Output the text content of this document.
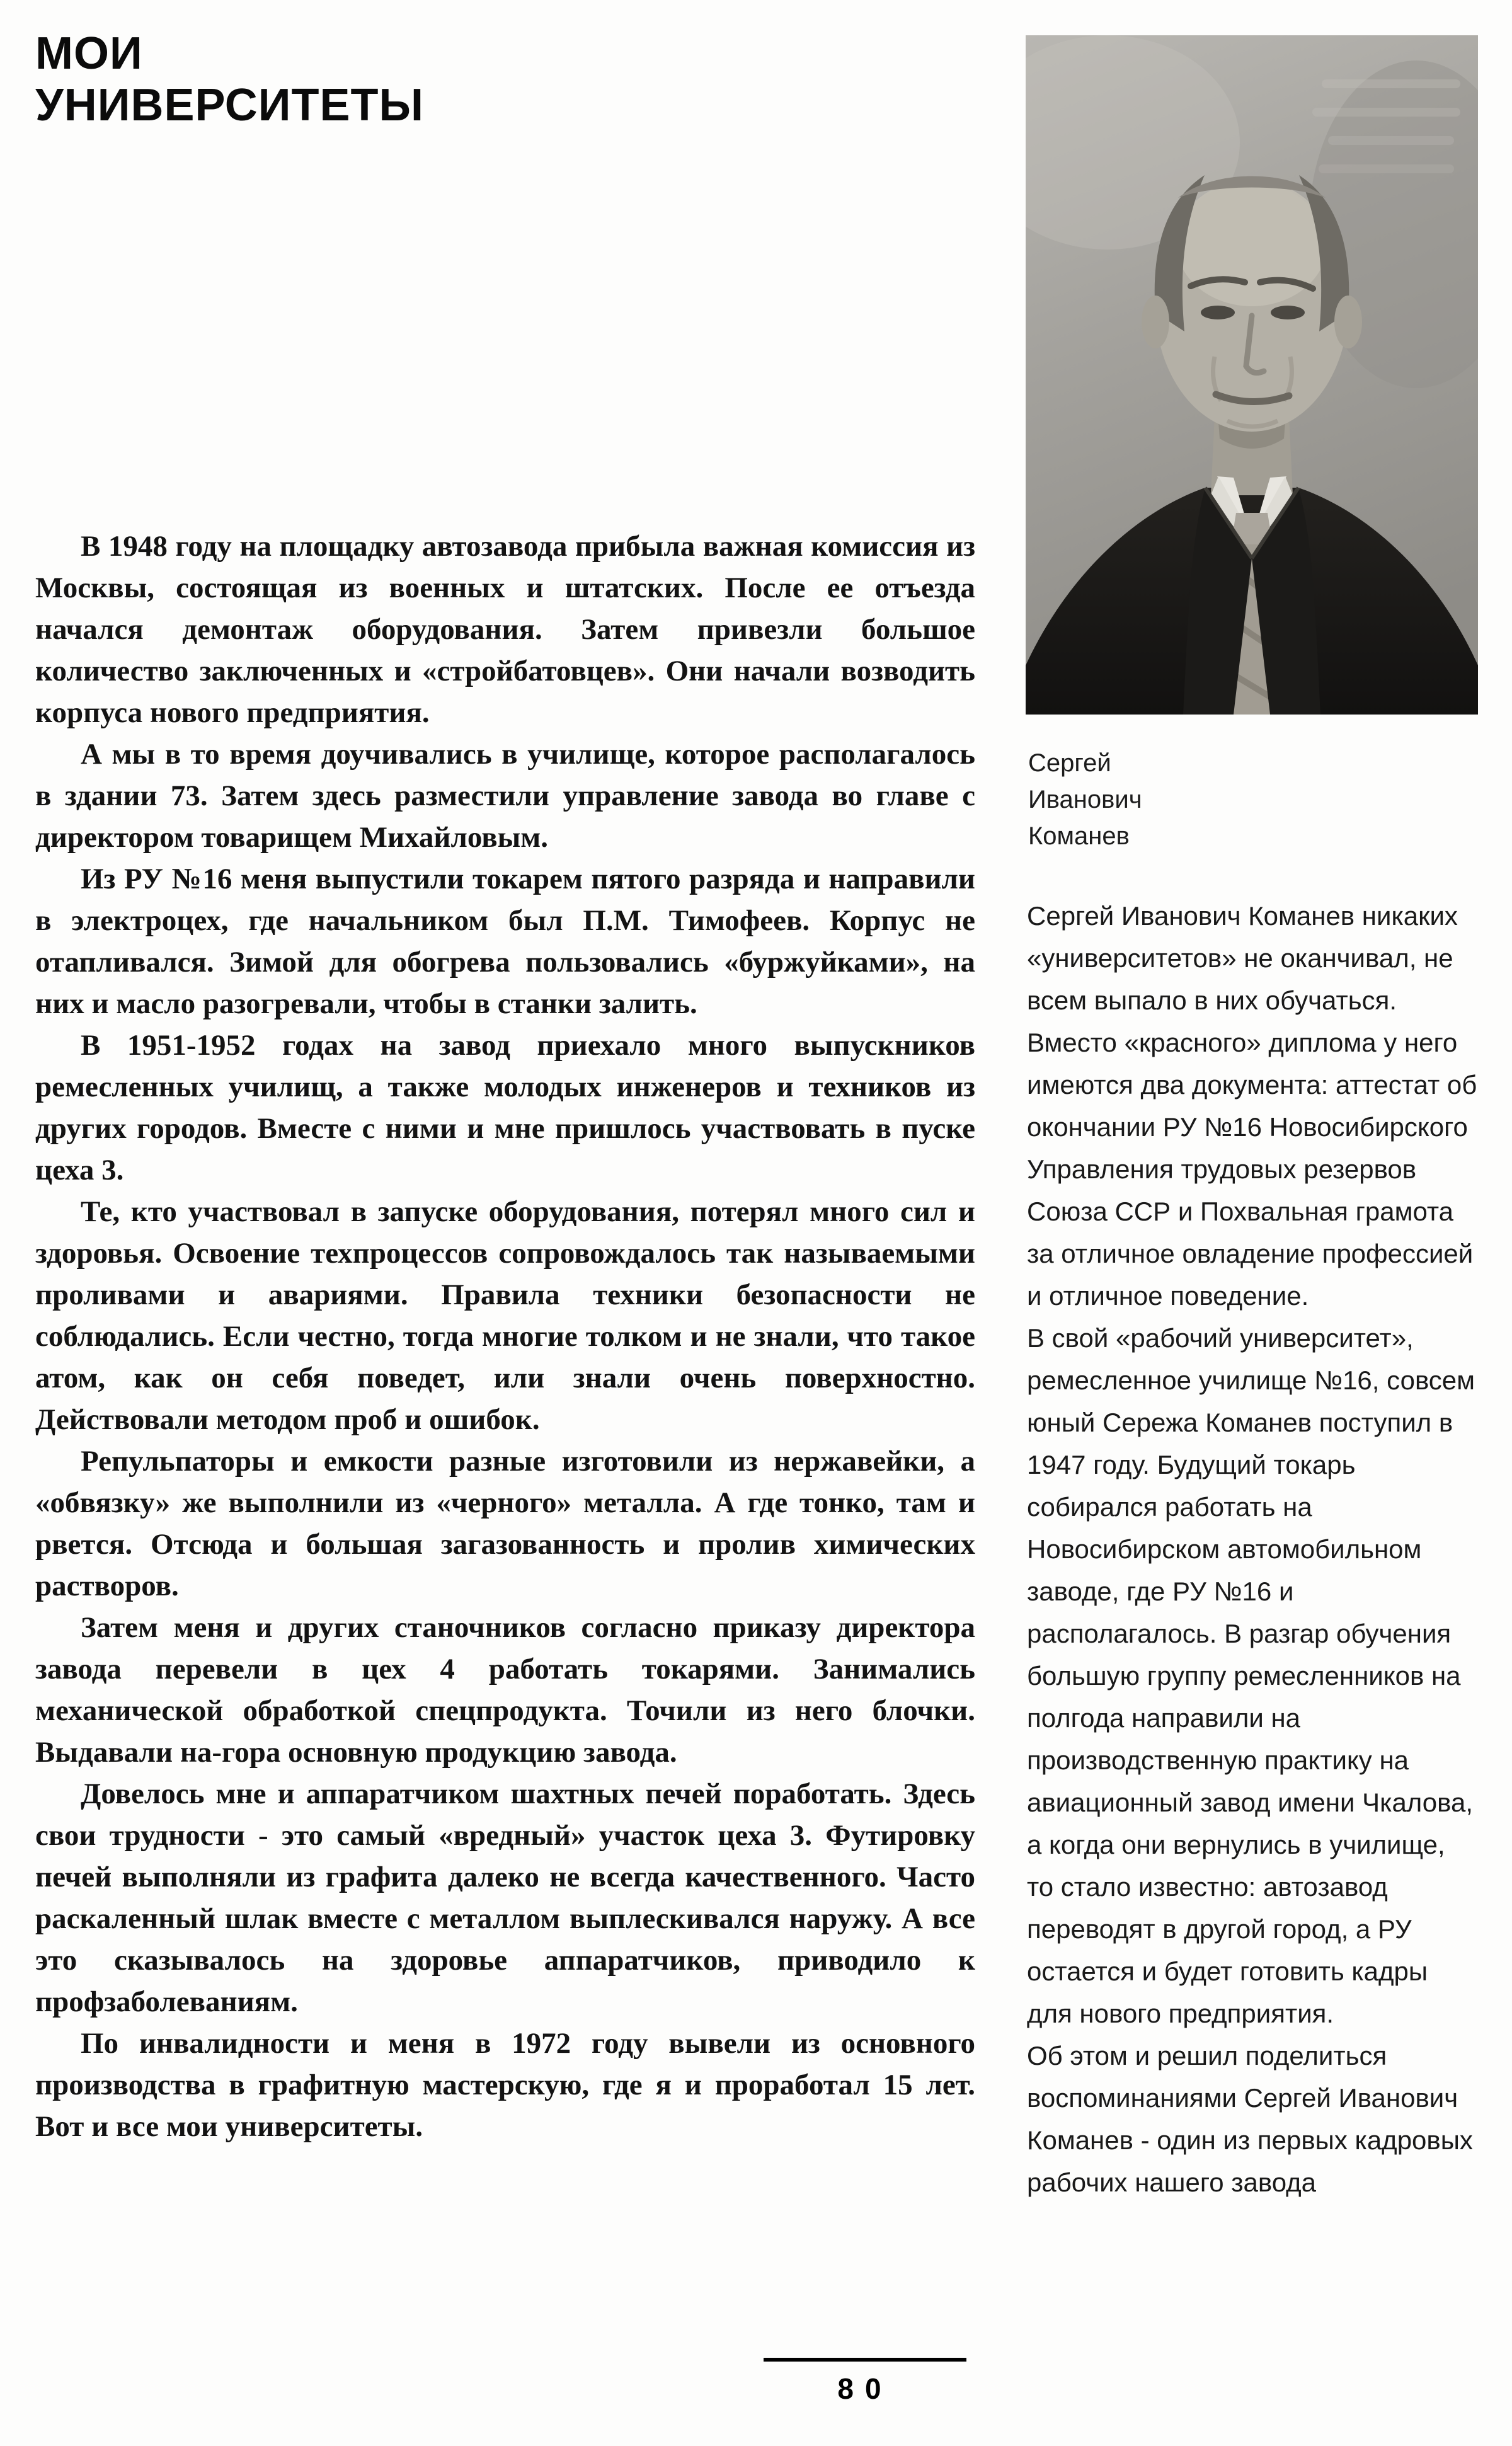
МОИ
УНИВЕРСИТЕТЫ
Сергей
Иванович
Команев

В 1948 году на площадку автозавода прибыла важная комиссия из Москвы, состоящая из военных и штатских. После ее отъезда начался демонтаж оборудования. Затем привезли большое количество заключенных и «стройбатовцев». Они начали возводить корпуса нового предприятия.

А мы в то время доучивались в училище, которое располагалось в здании 73. Затем здесь разместили управление завода во главе с директором товарищем Михайловым.

Из РУ №16 меня выпустили токарем пятого разряда и направили в электроцех, где начальником был П.М. Тимофеев. Корпус не отапливался. Зимой для обогрева пользовались «буржуйками», на них и масло разогревали, чтобы в станки залить.

В 1951-1952 годах на завод приехало много выпускников ремесленных училищ, а также молодых инженеров и техников из других городов. Вместе с ними и мне пришлось участвовать в пуске цеха 3.

Те, кто участвовал в запуске оборудования, потерял много сил и здоровья. Освоение техпроцессов сопровождалось так называемыми проливами и авариями. Правила техники безопасности не соблюдались. Если честно, тогда многие толком и не знали, что такое атом, как он себя поведет, или знали очень поверхностно. Действовали методом проб и ошибок.

Репульпаторы и емкости разные изготовили из нержавейки, а «обвязку» же выполнили из «черного» металла. А где тонко, там и рвется. Отсюда и большая загазованность и пролив химических растворов.

Затем меня и других станочников согласно приказу директора завода перевели в цех 4 работать токарями. Занимались механической обработкой спецпродукта. Точили из него блочки. Выдавали на-гора основную продукцию завода.

Довелось мне и аппаратчиком шахтных печей поработать. Здесь свои трудности - это самый «вредный» участок цеха 3. Футировку печей выполняли из графита далеко не всегда качественного. Часто раскаленный шлак вместе с металлом выплескивался наружу. А все это сказывалось на здоровье аппаратчиков, приводило к профзаболеваниям.

По инвалидности и меня в 1972 году вывели из основного производства в графитную мастерскую, где я и проработал 15 лет. Вот и все мои университеты.

Сергей Иванович Команев никаких «университетов» не оканчивал, не всем выпало в них обучаться. Вместо «красного» диплома у него имеются два документа: аттестат об окончании РУ №16 Новосибирского Управления трудовых резервов Союза ССР и Похвальная грамота за отличное овладение профессией и отличное поведение.

В свой «рабочий университет», ремесленное училище №16, совсем юный Сережа Команев поступил в 1947 году. Будущий токарь собирался работать на Новосибирском автомобильном заводе, где РУ №16 и располагалось. В разгар обучения большую группу ремесленников на полгода направили на производственную практику на авиационный завод имени Чкалова, а когда они вернулись в училище, то стало известно: автозавод переводят в другой город, а РУ остается и будет готовить кадры для нового предприятия.

Об этом и решил поделиться воспоминаниями Сергей Иванович Команев - один из первых кадровых рабочих нашего завода

80
